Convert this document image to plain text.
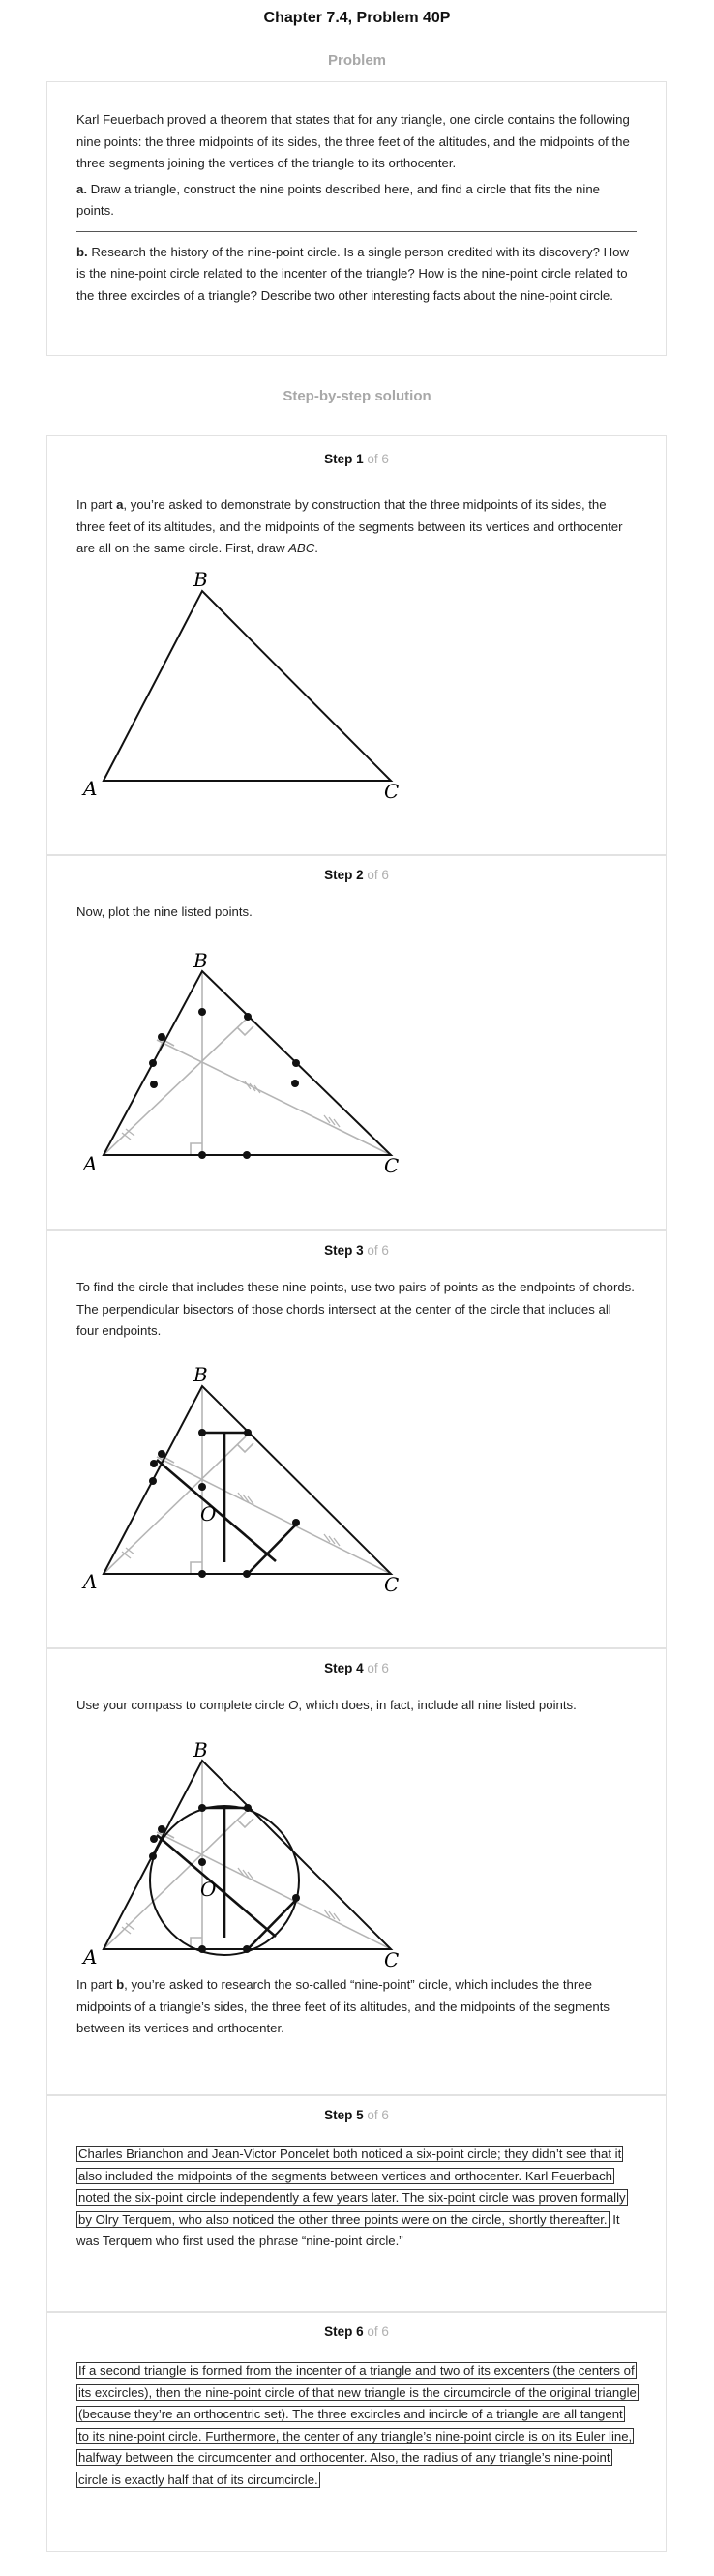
Chapter 7.4, Problem 40P
Problem

Karl Feuerbach proved a theorem that states that for any triangle, one circle contains the following nine points: the three midpoints of its sides, the three feet of the altitudes, and the midpoints of the three segments joining the vertices of the triangle to its orthocenter.

a. Draw a triangle, construct the nine points described here, and find a circle that fits the nine points.

b. Research the history of the nine-point circle. Is a single person credited with its discovery? How is the nine-point circle related to the incenter of the triangle? How is the nine-point circle related to the three excircles of a triangle? Describe two other interesting facts about the nine-point circle.

Step-by-step solution
Step 1 of 6

In part a, you’re asked to demonstrate by construction that the three midpoints of its sides, the three feet of its altitudes, and the midpoints of the segments between its vertices and orthocenter are all on the same circle. First, draw ABC.

A
B
C
Step 2 of 6

Now, plot the nine listed points.

A
B
C
Step 3 of 6

To find the circle that includes these nine points, use two pairs of points as the endpoints of chords. The perpendicular bisectors of those chords intersect at the center of the circle that includes all four endpoints.

O
A
B
C
Step 4 of 6

Use your compass to complete circle O, which does, in fact, include all nine listed points.

O
A
B
C

In part b, you’re asked to research the so-called “nine-point” circle, which includes the three midpoints of a triangle’s sides, the three feet of its altitudes, and the midpoints of the segments between its vertices and orthocenter.

Step 5 of 6

Charles Brianchon and Jean-Victor Poncelet both noticed a six-point circle; they didn’t see that it also included the midpoints of the segments between vertices and orthocenter. Karl Feuerbach noted the six-point circle independently a few years later. The six-point circle was proven formally by Olry Terquem, who also noticed the other three points were on the circle, shortly thereafter. It was Terquem who first used the phrase “nine-point circle.”

Step 6 of 6

If a second triangle is formed from the incenter of a triangle and two of its excenters (the centers of its excircles), then the nine-point circle of that new triangle is the circumcircle of the original triangle (because they’re an orthocentric set). The three excircles and incircle of a triangle are all tangent to its nine-point circle. Furthermore, the center of any triangle’s nine-point circle is on its Euler line, halfway between the circumcenter and orthocenter. Also, the radius of any triangle’s nine-point circle is exactly half that of its circumcircle.
